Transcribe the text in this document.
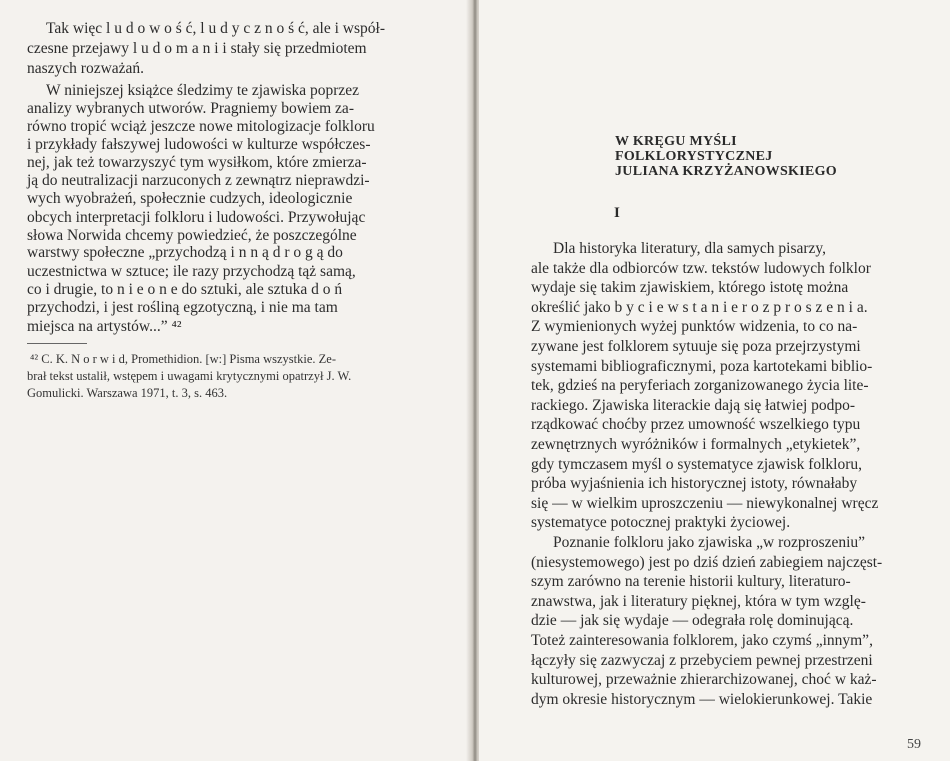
Tak więc l u d o w o ś ć, l u d y c z n o ś ć, ale i współ-
czesne przejawy l u d o m a n i i stały się przedmiotem
naszych rozważań.
W niniejszej książce śledzimy te zjawiska poprzez
analizy wybranych utworów. Pragniemy bowiem za-
równo tropić wciąż jeszcze nowe mitologizacje folkloru
i przykłady fałszywej ludowości w kulturze współczes-
nej, jak też towarzyszyć tym wysiłkom, które zmierza-
ją do neutralizacji narzuconych z zewnątrz nieprawdzi-
wych wyobrażeń, społecznie cudzych, ideologicznie
obcych interpretacji folkloru i ludowości. Przywołując
słowa Norwida chcemy powiedzieć, że poszczególne
warstwy społeczne „przychodzą i n n ą d r o g ą do
uczestnictwa w sztuce; ile razy przychodzą tąż samą,
co i drugie, to n i e o n e do sztuki, ale sztuka d o ń
przychodzi, i jest rośliną egzotyczną, i nie ma tam
miejsca na artystów...” ⁴²
⁴² C. K. N o r w i d, Promethidion. [w:] Pisma wszystkie. Ze-
brał tekst ustalił, wstępem i uwagami krytycznymi opatrzył J. W.
Gomulicki. Warszawa 1971, t. 3, s. 463.
W KRĘGU MYŚLI
FOLKLORYSTYCZNEJ
JULIANA KRZYŻANOWSKIEGO
I
59
Dla historyka literatury, dla samych pisarzy,
ale także dla odbiorców tzw. tekstów ludowych folklor
wydaje się takim zjawiskiem, którego istotę można
określić jako b y c i e w s t a n i e r o z p r o s z e n i a.
Z wymienionych wyżej punktów widzenia, to co na-
zywane jest folklorem sytuuje się poza przejrzystymi
systemami bibliograficznymi, poza kartotekami biblio-
tek, gdzieś na peryferiach zorganizowanego życia lite-
rackiego. Zjawiska literackie dają się łatwiej podpo-
rządkować choćby przez umowność wszelkiego typu
zewnętrznych wyróżników i formalnych „etykietek”,
gdy tymczasem myśl o systematyce zjawisk folkloru,
próba wyjaśnienia ich historycznej istoty, równałaby
się — w wielkim uproszczeniu — niewykonalnej wręcz
systematyce potocznej praktyki życiowej.
Poznanie folkloru jako zjawiska „w rozproszeniu”
(niesystemowego) jest po dziś dzień zabiegiem najczęst-
szym zarówno na terenie historii kultury, literaturo-
znawstwa, jak i literatury pięknej, która w tym wzglę-
dzie — jak się wydaje — odegrała rolę dominującą.
Toteż zainteresowania folklorem, jako czymś „innym”,
łączyły się zazwyczaj z przebyciem pewnej przestrzeni
kulturowej, przeważnie zhierarchizowanej, choć w każ-
dym okresie historycznym — wielokierunkowej. Takie
